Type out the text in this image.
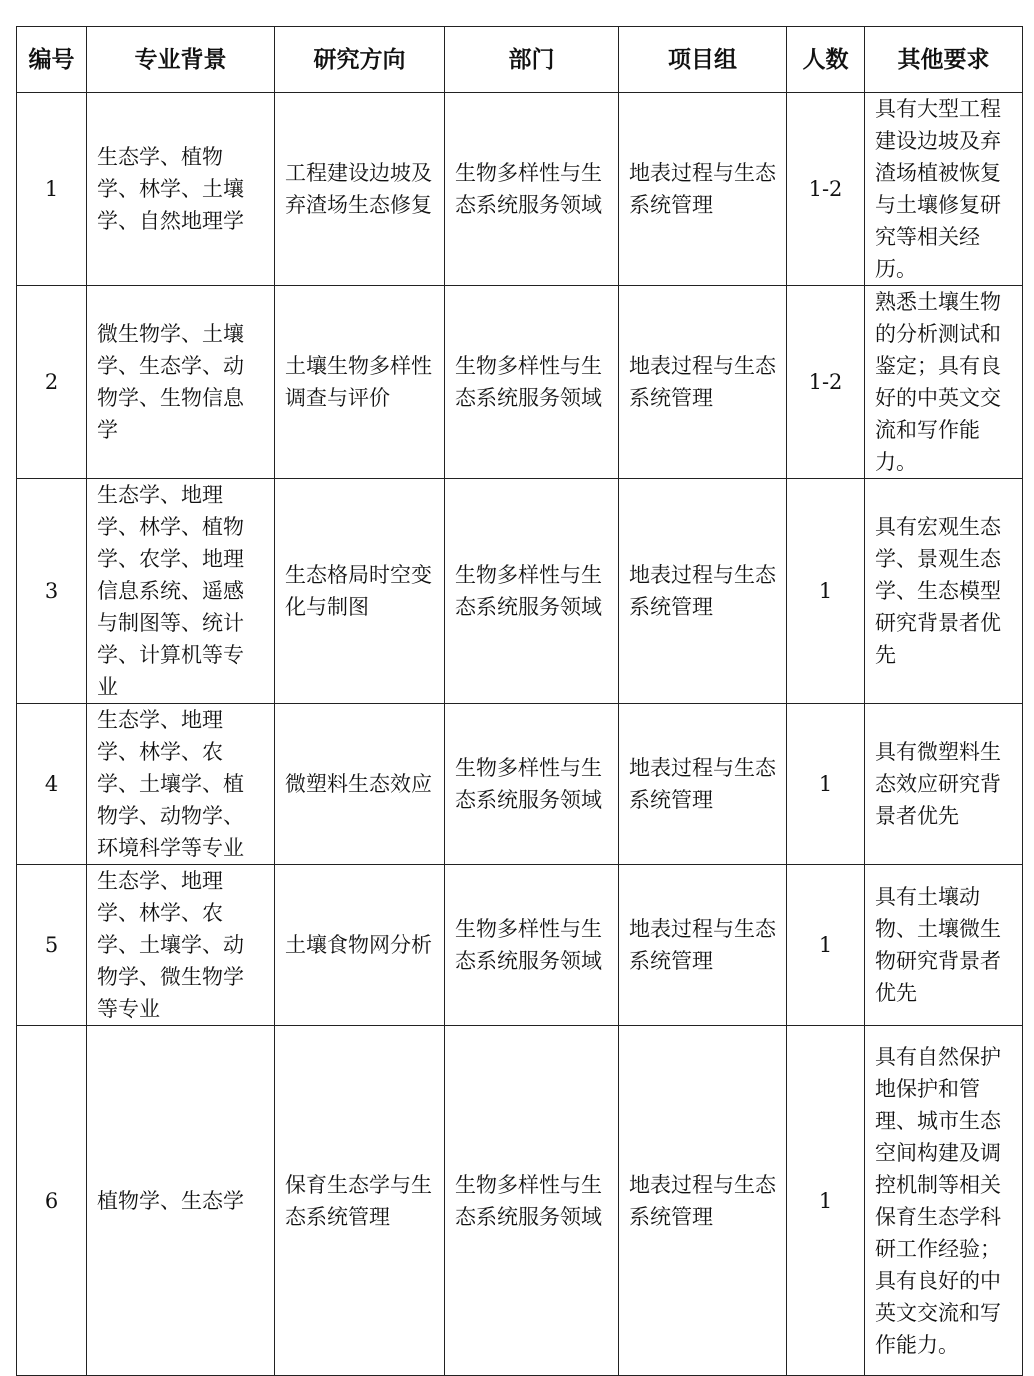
编号	专业背景	研究方向	部门	项目组	人数	其他要求
1	生态学、植物学、林学、土壤学、自然地理学	工程建设边坡及弃渣场生态修复	生物多样性与生态系统服务领域	地表过程与生态系统管理	1-2	具有大型工程建设边坡及弃渣场植被恢复与土壤修复研究等相关经历。
2	微生物学、土壤学、生态学、动物学、生物信息学	土壤生物多样性调查与评价	生物多样性与生态系统服务领域	地表过程与生态系统管理	1-2	熟悉土壤生物的分析测试和鉴定；具有良好的中英文交流和写作能力。
3	生态学、地理学、林学、植物学、农学、地理信息系统、遥感与制图等、统计学、计算机等专业	生态格局时空变化与制图	生物多样性与生态系统服务领域	地表过程与生态系统管理	1	具有宏观生态学、景观生态学、生态模型研究背景者优先
4	生态学、地理学、林学、农学、土壤学、植物学、动物学、环境科学等专业	微塑料生态效应	生物多样性与生态系统服务领域	地表过程与生态系统管理	1	具有微塑料生态效应研究背景者优先
5	生态学、地理学、林学、农学、土壤学、动物学、微生物学等专业	土壤食物网分析	生物多样性与生态系统服务领域	地表过程与生态系统管理	1	具有土壤动物、土壤微生物研究背景者优先
6	植物学、生态学	保育生态学与生态系统管理	生物多样性与生态系统服务领域	地表过程与生态系统管理	1	具有自然保护地保护和管理、城市生态空间构建及调控机制等相关保育生态学科研工作经验；具有良好的中英文交流和写作能力。
